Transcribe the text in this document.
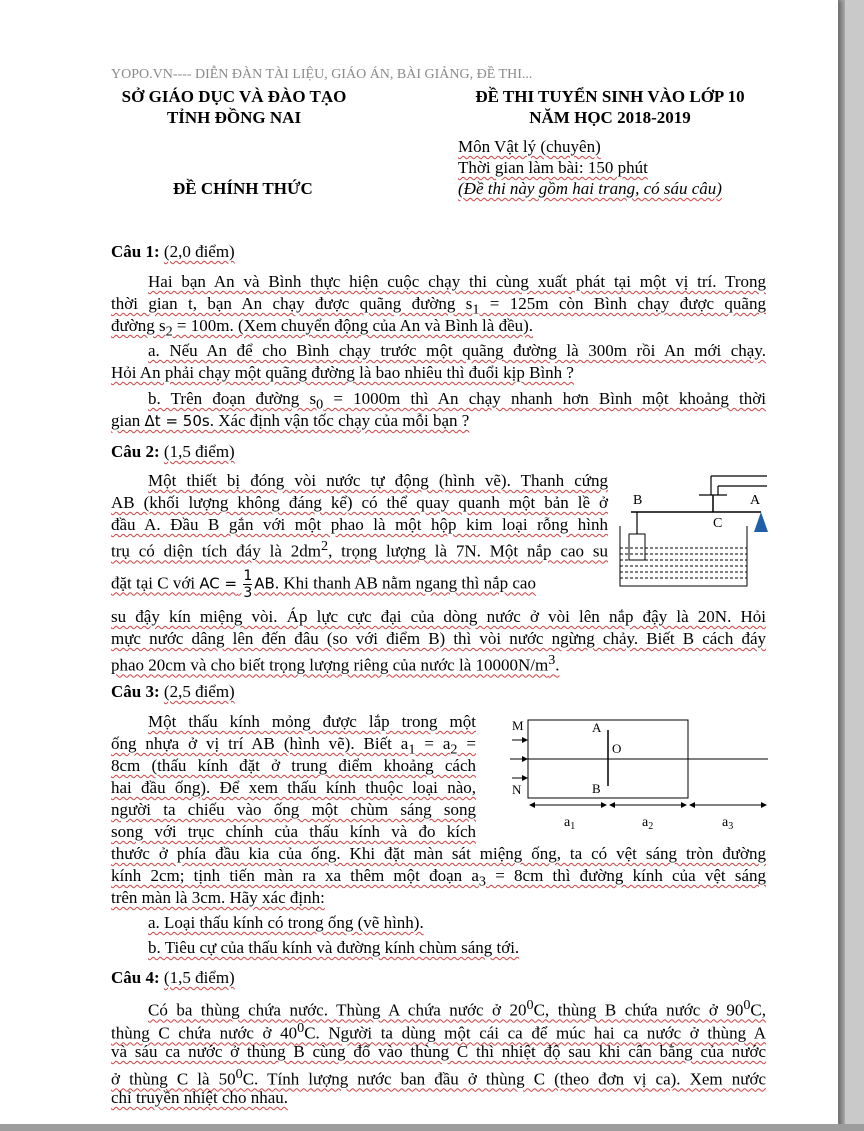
YOPO.VN---- DIỄN ĐÀN TÀI LIỆU, GIÁO ÁN, BÀI GIẢNG, ĐỀ THI...
SỞ GIÁO DỤC VÀ ĐÀO TẠO
TỈNH ĐỒNG NAI
ĐỀ THI TUYỂN SINH VÀO LỚP 10
NĂM HỌC 2018-2019
Môn Vật lý (chuyên)
Thời gian làm bài: 150 phút
(Đề thi này gồm hai trang, có sáu câu)
ĐỀ CHÍNH THỨC
Câu 1: (2,0 điểm)
Hai bạn An và Bình thực hiện cuộc chạy thi cùng xuất phát tại một vị trí. Trong
thời gian t, bạn An chạy được quãng đường $s_1 = 125m$ còn Bình chạy được quãng
đường $s_2 = 100m$. (Xem chuyển động của An và Bình là đều).
a. Nếu An để cho Bình chạy trước một quãng đường là 300m rồi An mới chạy.
Hỏi An phải chạy một quãng đường là bao nhiêu thì đuổi kịp Bình ?
b. Trên đoạn đường $s_0 = 1000m$ thì An chạy nhanh hơn Bình một khoảng thời
gian Δt = 50s. Xác định vận tốc chạy của mỗi bạn ?
Câu 2: (1,5 điểm)
Một thiết bị đóng vòi nước tự động (hình vẽ). Thanh cứng
AB (khối lượng không đáng kể) có thể quay quanh một bản lề ở
đầu A. Đầu B gắn với một phao là một hộp kim loại rỗng hình
trụ có diện tích đáy là $2dm^2$, trọng lượng là 7N. Một nắp cao su
đặt tại C với AC = $\frac{1}{3}$ AB. Khi thanh AB nằm ngang thì nắp cao
su đậy kín miệng vòi. Áp lực cực đại của dòng nước ở vòi lên nắp đậy là 20N. Hỏi
mực nước dâng lên đến đâu (so với điểm B) thì vòi nước ngừng chảy. Biết B cách đáy
phao 20cm và cho biết trọng lượng riêng của nước là $10000N/m^3$.
B	A
C
Câu 3: (2,5 điểm)
Một thấu kính mỏng được lắp trong một
ống nhựa ở vị trí AB (hình vẽ). Biết $a_1 = a_2$ =
8cm (thấu kính đặt ở trung điểm khoảng cách
hai đầu ống). Để xem thấu kính thuộc loại nào,
người ta chiếu vào ống một chùm sáng song
song với trục chính của thấu kính và đo kích
thước ở phía đầu kia của ống. Khi đặt màn sát miệng ống, ta có vệt sáng tròn đường
kính 2cm; tịnh tiến màn ra xa thêm một đoạn $a_3 = 8cm$ thì đường kính của vệt sáng
trên màn là 3cm. Hãy xác định:
a. Loại thấu kính có trong ống (vẽ hình).
b. Tiêu cự của thấu kính và đường kính chùm sáng tới.
M
N
A
B
O
$a_1$	$a_2$	$a_3$
Câu 4: (1,5 điểm)
Có ba thùng chứa nước. Thùng A chứa nước ở $20^0C$, thùng B chứa nước ở $90^0C$,
thùng C chứa nước ở $40^0C$. Người ta dùng một cái ca để múc hai ca nước ở thùng A
và sáu ca nước ở thùng B cùng đổ vào thùng C thì nhiệt độ sau khi cân bằng của nước
ở thùng C là $50^0C$. Tính lượng nước ban đầu ở thùng C (theo đơn vị ca). Xem nước
chỉ truyền nhiệt cho nhau.
